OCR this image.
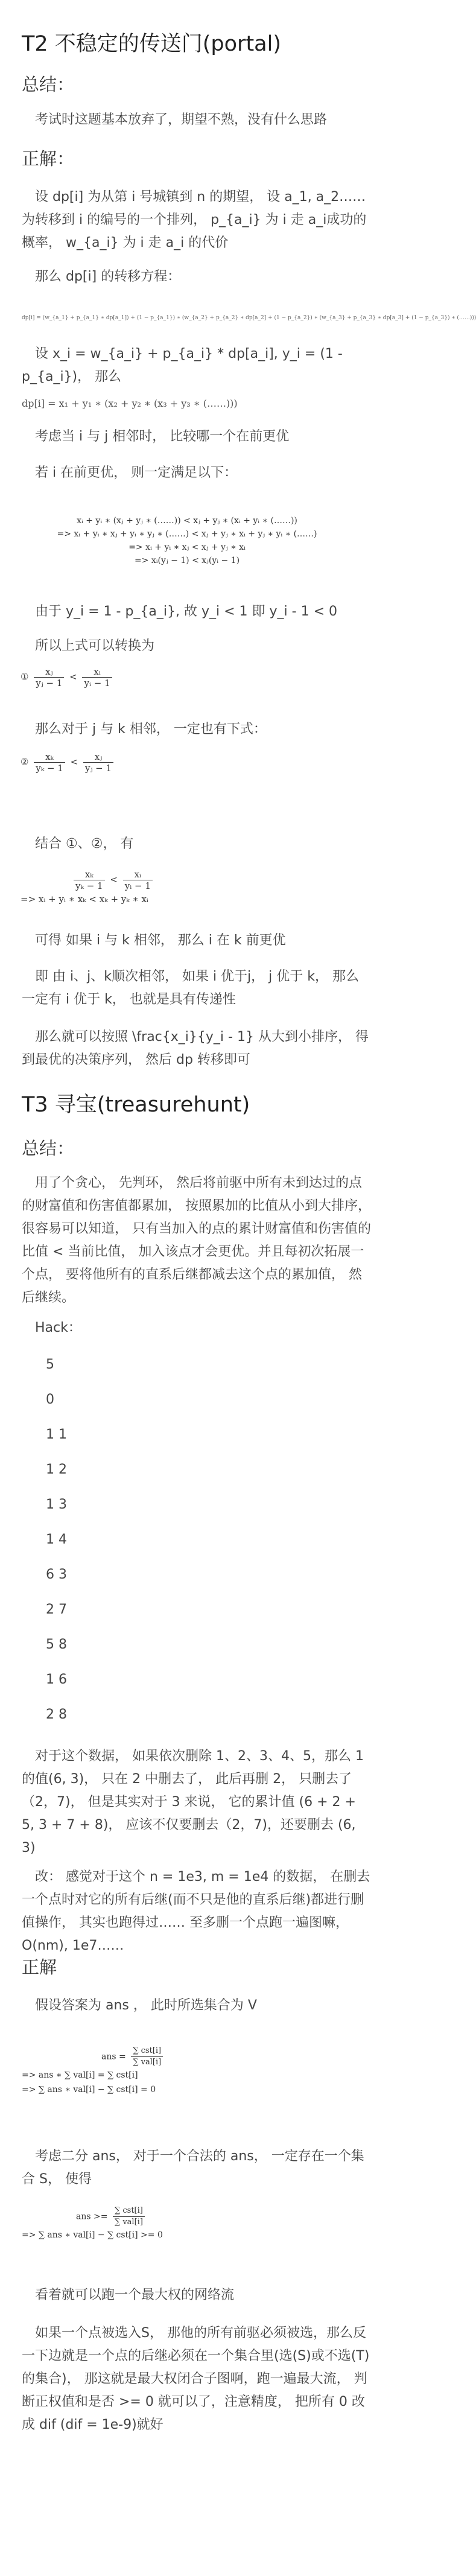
T2 不稳定的传送门(portal)
总结：
考试时这题基本放弃了，期望不熟，没有什么思路
正解：
设 dp[i] 为从第 i 号城镇到 n 的期望， 设 a_1, a_2……为转移到 i 的编号的一个排列， p_{a_i} 为 i 走 a_i成功的概率， w_{a_i} 为 i 走 a_i 的代价
那么 dp[i] 的转移方程：
dp[i] = (w_{a_1} + p_{a_1} ∗ dp[a_1]) + (1 − p_{a_1}) ∗ (w_{a_2} + p_{a_2} ∗ dp[a_2] + (1 − p_{a_2}) ∗ (w_{a_3} + p_{a_3} ∗ dp[a_3] + (1 − p_{a_3}) ∗ (……)))
设 x_i = w_{a_i} + p_{a_i} * dp[a_i], y_i = (1 - p_{a_i})， 那么
dp[i] = x₁ + y₁ ∗ (x₂ + y₂ ∗ (x₃ + y₃ ∗ (……)))
考虑当 i 与 j 相邻时， 比较哪一个在前更优
若 i 在前更优， 则一定满足以下：
xᵢ + yᵢ ∗ (xⱼ + yⱼ ∗ (……)) < xⱼ + yⱼ ∗ (xᵢ + yᵢ ∗ (……))
=> xᵢ + yᵢ ∗ xⱼ + yᵢ ∗ yⱼ ∗ (……) < xⱼ + yⱼ ∗ xᵢ + yⱼ ∗ yᵢ ∗ (……)
=> xᵢ + yᵢ ∗ xⱼ < xⱼ + yⱼ ∗ xᵢ
=> xᵢ(yⱼ − 1) < xⱼ(yᵢ − 1)
由于 y_i = 1 - p_{a_i}, 故 y_i < 1 即 y_i - 1 < 0
所以上式可以转换为
① $\frac{\text{xⱼ}}{\text{yⱼ − 1}} < \frac{\text{xᵢ}}{\text{yᵢ − 1}}$
那么对于 j 与 k 相邻， 一定也有下式：
② $\frac{\text{xₖ}}{\text{yₖ − 1}} < \frac{\text{xⱼ}}{\text{yⱼ − 1}}$
结合 ①、②， 有
$\frac{\text{xₖ}}{\text{yₖ − 1}} < \frac{\text{xᵢ}}{\text{yᵢ − 1}}$
=> xᵢ + yᵢ ∗ xₖ < xₖ + yₖ ∗ xᵢ
可得 如果 i 与 k 相邻， 那么 i 在 k 前更优
即 由 i、j、k顺次相邻， 如果 i 优于j， j 优于 k， 那么一定有 i 优于 k， 也就是具有传递性
那么就可以按照 \frac{x_i}{y_i - 1} 从大到小排序， 得到最优的决策序列， 然后 dp 转移即可
T3 寻宝(treasurehunt)
总结：
用了个贪心， 先判环， 然后将前驱中所有未到达过的点的财富值和伤害值都累加， 按照累加的比值从小到大排序， 很容易可以知道， 只有当加入的点的累计财富值和伤害值的比值 < 当前比值， 加入该点才会更优。并且每初次拓展一个点， 要将他所有的直系后继都减去这个点的累加值， 然后继续。
Hack：
5
0
1 1
1 2
1 3
1 4
6 3
2 7
5 8
1 6
2 8
对于这个数据， 如果依次删除 1、2、3、4、5，那么 1 的值(6, 3)， 只在 2 中删去了， 此后再删 2， 只删去了（2，7)， 但是其实对于 3 来说， 它的累计值 (6 + 2 + 5, 3 + 7 + 8)， 应该不仅要删去（2，7)，还要删去 (6, 3)
改： 感觉对于这个 n = 1e3, m = 1e4 的数据， 在删去一个点时对它的所有后继(而不只是他的直系后继)都进行删值操作， 其实也跑得过…… 至多删一个点跑一遍图嘛， O(nm), 1e7……
正解
假设答案为 ans ， 此时所选集合为 V
ans = $\frac{\text{∑ cst[i]}}{\text{∑ val[i]}}$
=> ans ∗ ∑ val[i] = ∑ cst[i]
=> ∑ ans ∗ val[i] − ∑ cst[i] = 0
考虑二分 ans， 对于一个合法的 ans， 一定存在一个集合 S， 使得
ans >= $\frac{\text{∑ cst[i]}}{\text{∑ val[i]}}$
=> ∑ ans ∗ val[i] − ∑ cst[i] >= 0
看着就可以跑一个最大权的网络流
如果一个点被选入S， 那他的所有前驱必须被选，那么反一下边就是一个点的后继必须在一个集合里(选(S)或不选(T)的集合)， 那这就是最大权闭合子图啊，跑一遍最大流， 判断正权值和是否 >= 0 就可以了，注意精度， 把所有 0 改成 dif (dif = 1e-9)就好
